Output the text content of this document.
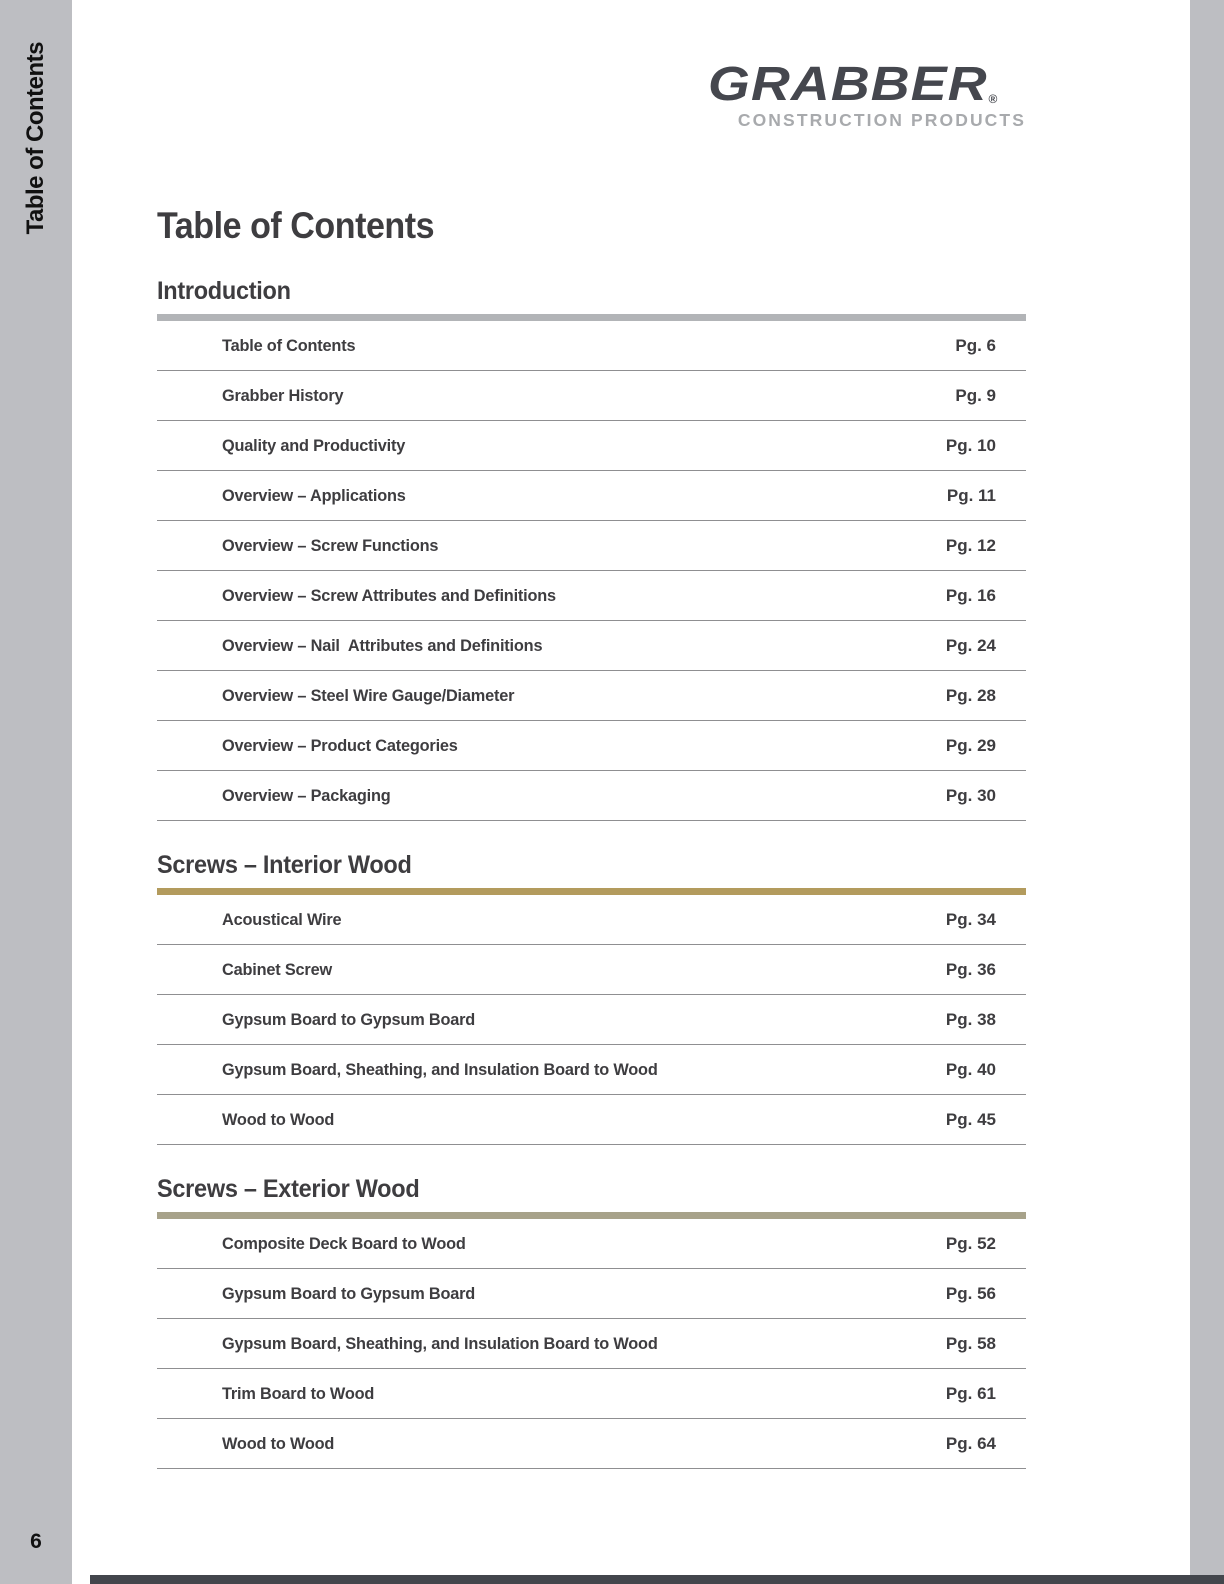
Table of Contents
6
GRABBER ®
CONSTRUCTION PRODUCTS
Table of Contents
Introduction
Table of Contents	Pg. 6
Grabber History	Pg. 9
Quality and Productivity	Pg. 10
Overview – Applications	Pg. 11
Overview – Screw Functions	Pg. 12
Overview – Screw Attributes and Definitions	Pg. 16
Overview – Nail  Attributes and Definitions	Pg. 24
Overview – Steel Wire Gauge/Diameter	Pg. 28
Overview – Product Categories	Pg. 29
Overview – Packaging	Pg. 30
Screws – Interior Wood
Acoustical Wire	Pg. 34
Cabinet Screw	Pg. 36
Gypsum Board to Gypsum Board	Pg. 38
Gypsum Board, Sheathing, and Insulation Board to Wood	Pg. 40
Wood to Wood	Pg. 45
Screws – Exterior Wood
Composite Deck Board to Wood	Pg. 52
Gypsum Board to Gypsum Board	Pg. 56
Gypsum Board, Sheathing, and Insulation Board to Wood	Pg. 58
Trim Board to Wood	Pg. 61
Wood to Wood	Pg. 64
